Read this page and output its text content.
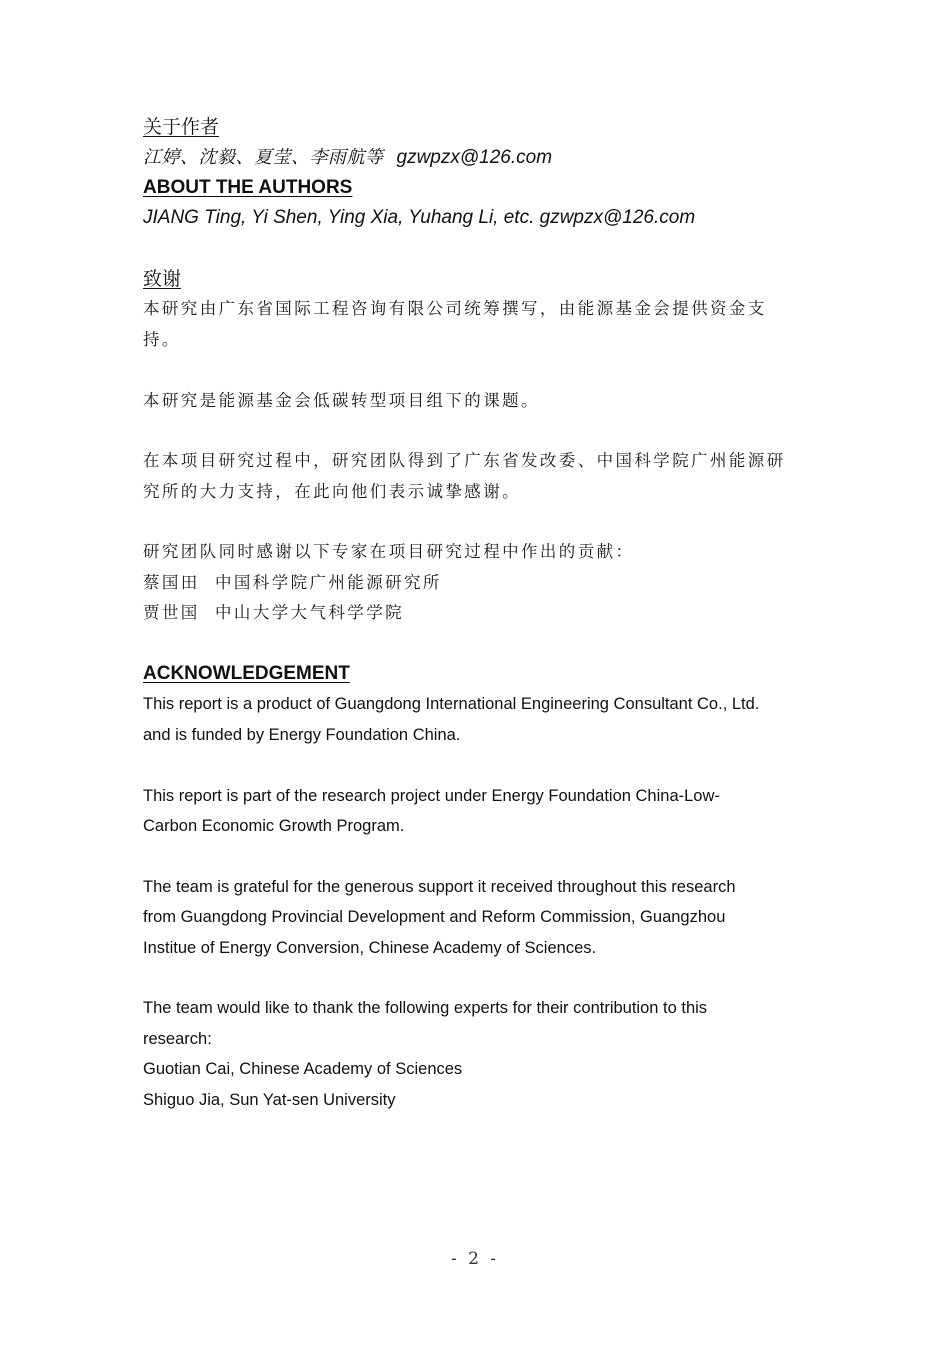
关于作者
江婷、沈毅、夏莹、李雨航等 gzwpzx@126.com
ABOUT THE AUTHORS
JIANG Ting, Yi Shen, Ying Xia, Yuhang Li, etc. gzwpzx@126.com
致谢
本研究由广东省国际工程咨询有限公司统筹撰写，由能源基金会提供资金支
持。
本研究是能源基金会低碳转型项目组下的课题。
在本项目研究过程中，研究团队得到了广东省发改委、中国科学院广州能源研
究所的大力支持，在此向他们表示诚挚感谢。
研究团队同时感谢以下专家在项目研究过程中作出的贡献：
蔡国田  中国科学院广州能源研究所
贾世国  中山大学大气科学学院
ACKNOWLEDGEMENT
This report is a product of Guangdong International Engineering Consultant Co., Ltd.
and is funded by Energy Foundation China.
This report is part of the research project under Energy Foundation China-Low-
Carbon Economic Growth Program.
The team is grateful for the generous support it received throughout this research
from Guangdong Provincial Development and Reform Commission, Guangzhou
Institue of Energy Conversion, Chinese Academy of Sciences.
The team would like to thank the following experts for their contribution to this
research:
Guotian Cai, Chinese Academy of Sciences
Shiguo Jia, Sun Yat-sen University
- 2 -
